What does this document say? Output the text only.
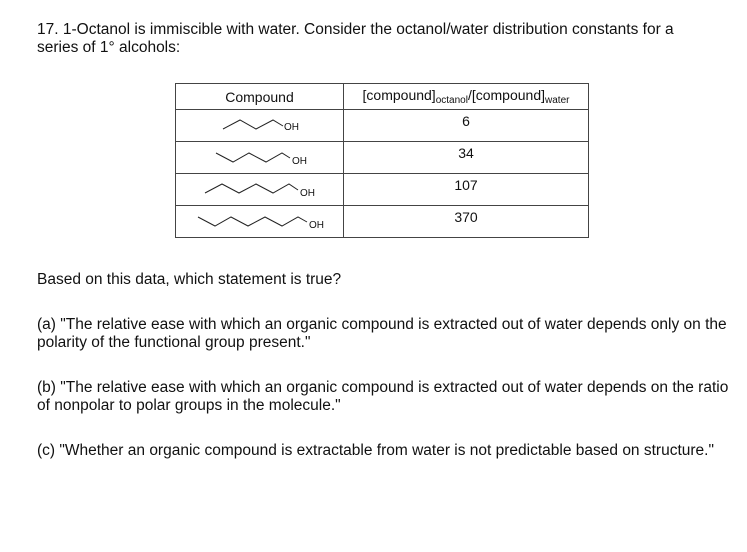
17. 1-Octanol is immiscible with water. Consider the octanol/water distribution constants for a
series of 1° alcohols:
Compound	$[compound]_{octanol}/[compound]_{water}$

OH	6

OH	34

OH	107

OH	370
Based on this data, which statement is true?
(a) "The relative ease with which an organic compound is extracted out of water depends only on the polarity of the functional group present."
(b) "The relative ease with which an organic compound is extracted out of water depends on the ratio of nonpolar to polar groups in the molecule."
(c) "Whether an organic compound is extractable from water is not predictable based on structure."
